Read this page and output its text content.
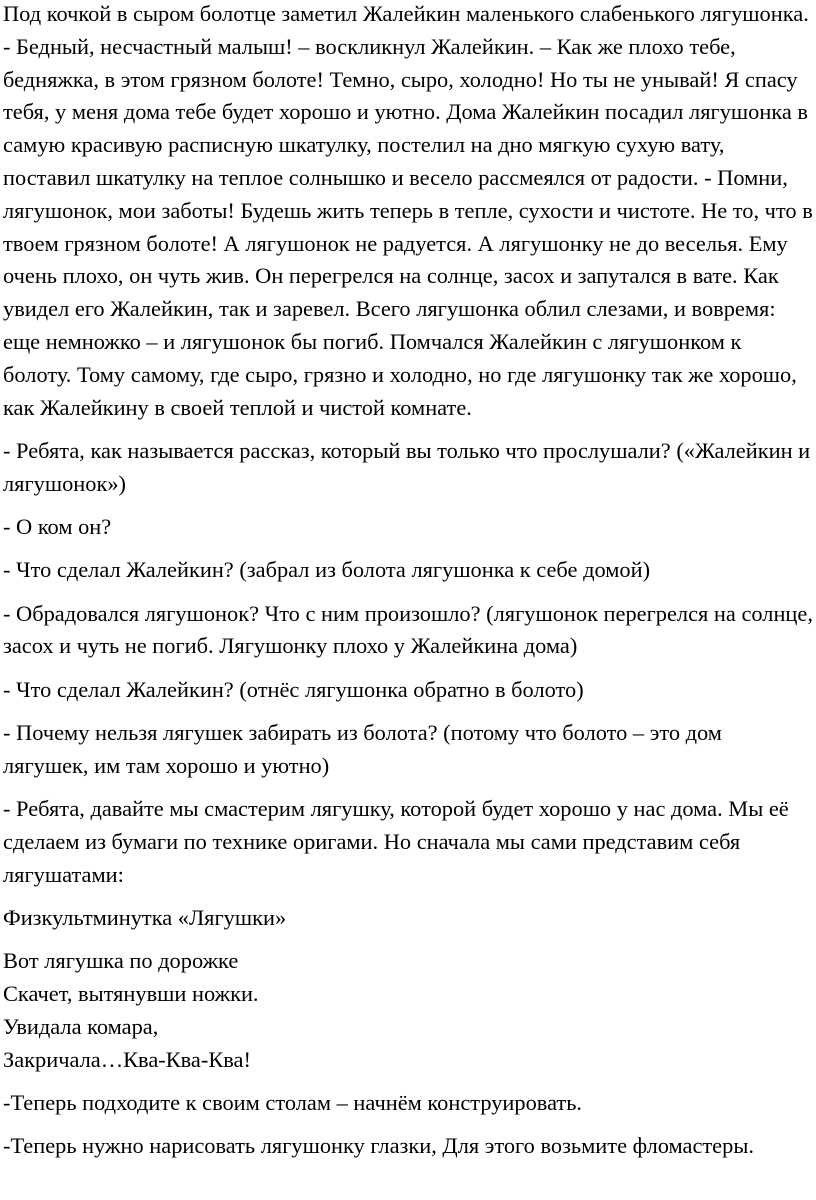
Под кочкой в сыром болотце заметил Жалейкин маленького слабенького лягушонка. - Бедный, несчастный малыш! – воскликнул Жалейкин. – Как же плохо тебе, бедняжка, в этом грязном болоте! Темно, сыро, холодно! Но ты не унывай! Я спасу тебя, у меня дома тебе будет хорошо и уютно. Дома Жалейкин посадил лягушонка в самую красивую расписную шкатулку, постелил на дно мягкую сухую вату, поставил шкатулку на теплое солнышко и весело рассмеялся от радости. - Помни, лягушонок, мои заботы! Будешь жить теперь в тепле, сухости и чистоте. Не то, что в твоем грязном болоте! А лягушонок не радуется. А лягушонку не до веселья. Ему очень плохо, он чуть жив. Он перегрелся на солнце, засох и запутался в вате. Как увидел его Жалейкин, так и заревел. Всего лягушонка облил слезами, и вовремя: еще немножко – и лягушонок бы погиб. Помчался Жалейкин с лягушонком к болоту. Тому самому, где сыро, грязно и холодно, но где лягушонку так же хорошо, как Жалейкину в своей теплой и чистой комнате.

- Ребята, как называется рассказ, который вы только что прослушали? («Жалейкин и лягушонок»)

- О ком он?

- Что сделал Жалейкин? (забрал из болота лягушонка к себе домой)

- Обрадовался лягушонок? Что с ним произошло? (лягушонок перегрелся на солнце, засох и чуть не погиб. Лягушонку плохо у Жалейкина дома)

- Что сделал Жалейкин? (отнёс лягушонка обратно в болото)

- Почему нельзя лягушек забирать из болота? (потому что болото – это дом лягушек, им там хорошо и уютно)

- Ребята, давайте мы смастерим лягушку, которой будет хорошо у нас дома. Мы её сделаем из бумаги по технике оригами. Но сначала мы сами представим себя лягушатами:

Физкультминутка «Лягушки»

Вот лягушка по дорожке
Скачет, вытянувши ножки.
Увидала комара,
Закричала…Ква-Ква-Ква!

-Теперь подходите к своим столам – начнём конструировать.

-Теперь нужно нарисовать лягушонку глазки, Для этого возьмите фломастеры.
